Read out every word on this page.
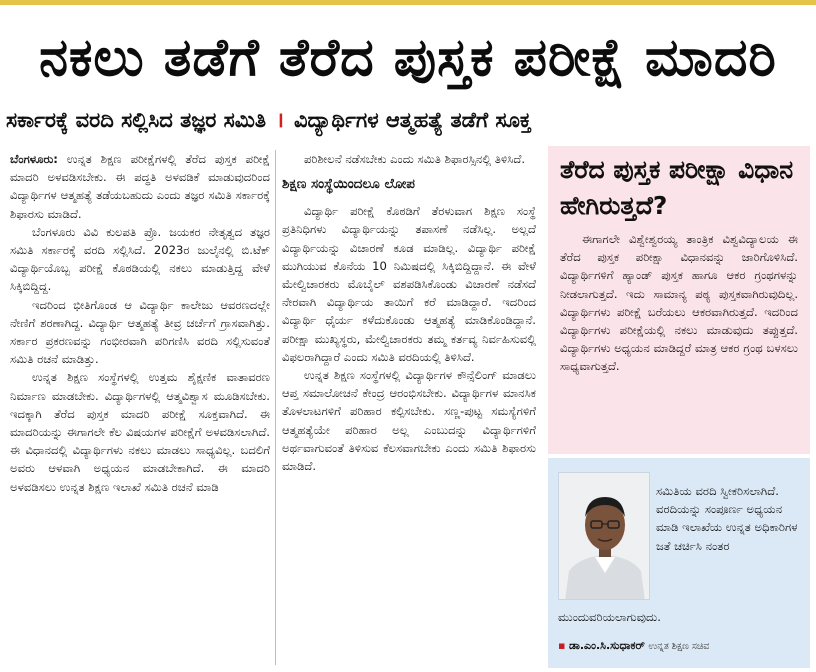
ನಕಲು ತಡೆಗೆ ತೆರೆದ ಪುಸ್ತಕ ಪರೀಕ್ಷೆ ಮಾದರಿ
ಸರ್ಕಾರಕ್ಕೆ ವರದಿ ಸಲ್ಲಿಸಿದ ತಜ್ಞರ ಸಮಿತಿ । ವಿದ್ಯಾರ್ಥಿಗಳ ಆತ್ಮಹತ್ಯೆ ತಡೆಗೆ ಸೂಕ್ತ

ಬೆಂಗಳೂರು: ಉನ್ನತ ಶಿಕ್ಷಣ ಪರೀಕ್ಷೆಗಳಲ್ಲಿ ತೆರೆದ ಪುಸ್ತಕ ಪರೀಕ್ಷೆ ಮಾದರಿ ಅಳವಡಿಸಬೇಕು. ಈ ಪದ್ಧತಿ ಅಳವಡಿಕೆ ಮಾಡುವುದರಿಂದ ವಿದ್ಯಾರ್ಥಿಗಳ ಆತ್ಮಹತ್ಯೆ ತಡೆಯಬಹುದು ಎಂದು ತಜ್ಞರ ಸಮಿತಿ ಸರ್ಕಾರಕ್ಕೆ ಶಿಫಾರಸು ಮಾಡಿದೆ.

ಬೆಂಗಳೂರು ವಿವಿ ಕುಲಪತಿ ಪ್ರೊ. ಜಯಕರ ನೇತೃತ್ವದ ತಜ್ಞರ ಸಮಿತಿ ಸರ್ಕಾರಕ್ಕೆ ವರದಿ ಸಲ್ಲಿಸಿದೆ. 2023ರ ಜುಲೈನಲ್ಲಿ ಬಿ.ಟೆಕ್ ವಿದ್ಯಾರ್ಥಿಯೊಬ್ಬ ಪರೀಕ್ಷೆ ಕೊಠಡಿಯಲ್ಲಿ ನಕಲು ಮಾಡುತ್ತಿದ್ದ ವೇಳೆ ಸಿಕ್ಕಿಬಿದ್ದಿದ್ದ.

ಇದರಿಂದ ಭೀತಿಗೊಂಡ ಆ ವಿದ್ಯಾರ್ಥಿ ಕಾಲೇಜು ಆವರಣದಲ್ಲೇ ನೇಣಿಗೆ ಶರಣಾಗಿದ್ದ. ವಿದ್ಯಾರ್ಥಿ ಆತ್ಮಹತ್ಯೆ ತೀವ್ರ ಚರ್ಚೆಗೆ ಗ್ರಾಸವಾಗಿತ್ತು. ಸರ್ಕಾರ ಪ್ರಕರಣವನ್ನು ಗಂಭೀರವಾಗಿ ಪರಿಗಣಿಸಿ ವರದಿ ಸಲ್ಲಿಸುವಂತೆ ಸಮಿತಿ ರಚನೆ ಮಾಡಿತ್ತು.

ಉನ್ನತ ಶಿಕ್ಷಣ ಸಂಸ್ಥೆಗಳಲ್ಲಿ ಉತ್ತಮ ಶೈಕ್ಷಣಿಕ ವಾತಾವರಣ ನಿರ್ಮಾಣ ಮಾಡಬೇಕು. ವಿದ್ಯಾರ್ಥಿಗಳಲ್ಲಿ ಆತ್ಮವಿಶ್ವಾಸ ಮೂಡಿಸಬೇಕು. ಇದಕ್ಕಾಗಿ ತೆರೆದ ಪುಸ್ತಕ ಮಾದರಿ ಪರೀಕ್ಷೆ ಸೂಕ್ತವಾಗಿದೆ. ಈ ಮಾದರಿಯನ್ನು ಈಗಾಗಲೇ ಕೆಲ ವಿಷಯಗಳ ಪರೀಕ್ಷೆಗೆ ಅಳವಡಿಸಲಾಗಿದೆ. ಈ ವಿಧಾನದಲ್ಲಿ ವಿದ್ಯಾರ್ಥಿಗಳು ನಕಲು ಮಾಡಲು ಸಾಧ್ಯವಿಲ್ಲ. ಬದಲಿಗೆ ಅವರು ಆಳವಾಗಿ ಅಧ್ಯಯನ ಮಾಡಬೇಕಾಗಿದೆ. ಈ ಮಾದರಿ ಅಳವಡಿಸಲು ಉನ್ನತ ಶಿಕ್ಷಣ ಇಲಾಖೆ ಸಮಿತಿ ರಚನೆ ಮಾಡಿ

ಪರಿಶೀಲನೆ ನಡೆಸಬೇಕು ಎಂದು ಸಮಿತಿ ಶಿಫಾರಸ್ಸಿನಲ್ಲಿ ತಿಳಿಸಿದೆ.

ಶಿಕ್ಷಣ ಸಂಸ್ಥೆಯಿಂದಲೂ ಲೋಪ

ವಿದ್ಯಾರ್ಥಿ ಪರೀಕ್ಷೆ ಕೊಠಡಿಗೆ ತೆರಳುವಾಗ ಶಿಕ್ಷಣ ಸಂಸ್ಥೆ ಪ್ರತಿನಿಧಿಗಳು ವಿದ್ಯಾರ್ಥಿಯನ್ನು ತಪಾಸಣೆ ನಡೆಸಿಲ್ಲ. ಅಲ್ಲದೆ ವಿದ್ಯಾರ್ಥಿಯನ್ನು ವಿಚಾರಣೆ ಕೂಡ ಮಾಡಿಲ್ಲ. ವಿದ್ಯಾರ್ಥಿ ಪರೀಕ್ಷೆ ಮುಗಿಯುವ ಕೊನೆಯ 10 ನಿಮಿಷದಲ್ಲಿ ಸಿಕ್ಕಿಬಿದ್ದಿದ್ದಾನೆ. ಈ ವೇಳೆ ಮೇಲ್ವಿಚಾರಕರು ಮೊಬೈಲ್ ವಶಪಡಿಸಿಕೊಂಡು ವಿಚಾರಣೆ ನಡೆಸದೆ ನೇರವಾಗಿ ವಿದ್ಯಾರ್ಥಿಯ ತಾಯಿಗೆ ಕರೆ ಮಾಡಿದ್ದಾರೆ. ಇದರಿಂದ ವಿದ್ಯಾರ್ಥಿ ಧೈರ್ಯ ಕಳೆದುಕೊಂಡು ಆತ್ಮಹತ್ಯೆ ಮಾಡಿಕೊಂಡಿದ್ದಾನೆ. ಪರೀಕ್ಷಾ ಮುಖ್ಯಸ್ಥರು, ಮೇಲ್ವಿಚಾರಕರು ತಮ್ಮ ಕರ್ತವ್ಯ ನಿರ್ವಹಿಸುವಲ್ಲಿ ವಿಫಲರಾಗಿದ್ದಾರೆ ಎಂದು ಸಮಿತಿ ವರದಿಯಲ್ಲಿ ತಿಳಿಸಿದೆ.

ಉನ್ನತ ಶಿಕ್ಷಣ ಸಂಸ್ಥೆಗಳಲ್ಲಿ ವಿದ್ಯಾರ್ಥಿಗಳ ಕೌನ್ಸೆಲಿಂಗ್ ಮಾಡಲು ಆಪ್ತ ಸಮಾಲೋಚನೆ ಕೇಂದ್ರ ಆರಂಭಿಸಬೇಕು. ವಿದ್ಯಾರ್ಥಿಗಳ ಮಾನಸಿಕ ತೊಳಲಾಟಗಳಿಗೆ ಪರಿಹಾರ ಕಲ್ಪಿಸಬೇಕು. ಸಣ್ಣ-ಪುಟ್ಟ ಸಮಸ್ಯೆಗಳಿಗೆ ಆತ್ಮಹತ್ಯೆಯೇ ಪರಿಹಾರ ಅಲ್ಲ ಎಂಬುದನ್ನು ವಿದ್ಯಾರ್ಥಿಗಳಿಗೆ ಅರ್ಥವಾಗುವಂತೆ ತಿಳಿಸುವ ಕೆಲಸವಾಗಬೇಕು ಎಂದು ಸಮಿತಿ ಶಿಫಾರಸು ಮಾಡಿದೆ.

ತೆರೆದ ಪುಸ್ತಕ ಪರೀಕ್ಷಾ ವಿಧಾನ ಹೇಗಿರುತ್ತದೆ?

ಈಗಾಗಲೇ ವಿಶ್ವೇಶ್ವರಯ್ಯ ತಾಂತ್ರಿಕ ವಿಶ್ವವಿದ್ಯಾಲಯ ಈ ತೆರೆದ ಪುಸ್ತಕ ಪರೀಕ್ಷಾ ವಿಧಾನವನ್ನು ಜಾರಿಗೊಳಿಸಿದೆ. ವಿದ್ಯಾರ್ಥಿಗಳಿಗೆ ಹ್ಯಾಂಡ್ ಪುಸ್ತಕ ಹಾಗೂ ಆಕರ ಗ್ರಂಥಗಳನ್ನು ನೀಡಲಾಗುತ್ತದೆ. ಇದು ಸಾಮಾನ್ಯ ಪಠ್ಯ ಪುಸ್ತಕವಾಗಿರುವುದಿಲ್ಲ. ವಿದ್ಯಾರ್ಥಿಗಳು ಪರೀಕ್ಷೆ ಬರೆಯಲು ಆಕರವಾಗಿರುತ್ತದೆ. ಇದರಿಂದ ವಿದ್ಯಾರ್ಥಿಗಳು ಪರೀಕ್ಷೆಯಲ್ಲಿ ನಕಲು ಮಾಡುವುದು ತಪ್ಪುತ್ತದೆ. ವಿದ್ಯಾರ್ಥಿಗಳು ಅಧ್ಯಯನ ಮಾಡಿದ್ದರೆ ಮಾತ್ರ ಆಕರ ಗ್ರಂಥ ಬಳಸಲು ಸಾಧ್ಯವಾಗುತ್ತದೆ.

ಸಮಿತಿಯ ವರದಿ ಸ್ವೀಕರಿಸಲಾಗಿದೆ. ವರದಿಯನ್ನು ಸಂಪೂರ್ಣ ಅಧ್ಯಯನ ಮಾಡಿ ಇಲಾಖೆಯ ಉನ್ನತ ಅಧಿಕಾರಿಗಳ ಜತೆ ಚರ್ಚಿಸಿ ನಂತರ

ಮುಂದುವರಿಯಲಾಗುವುದು.

▪ ಡಾ.ಎಂ.ಸಿ.ಸುಧಾಕರ್ ಉನ್ನತ ಶಿಕ್ಷಣ ಸಚಿವ
